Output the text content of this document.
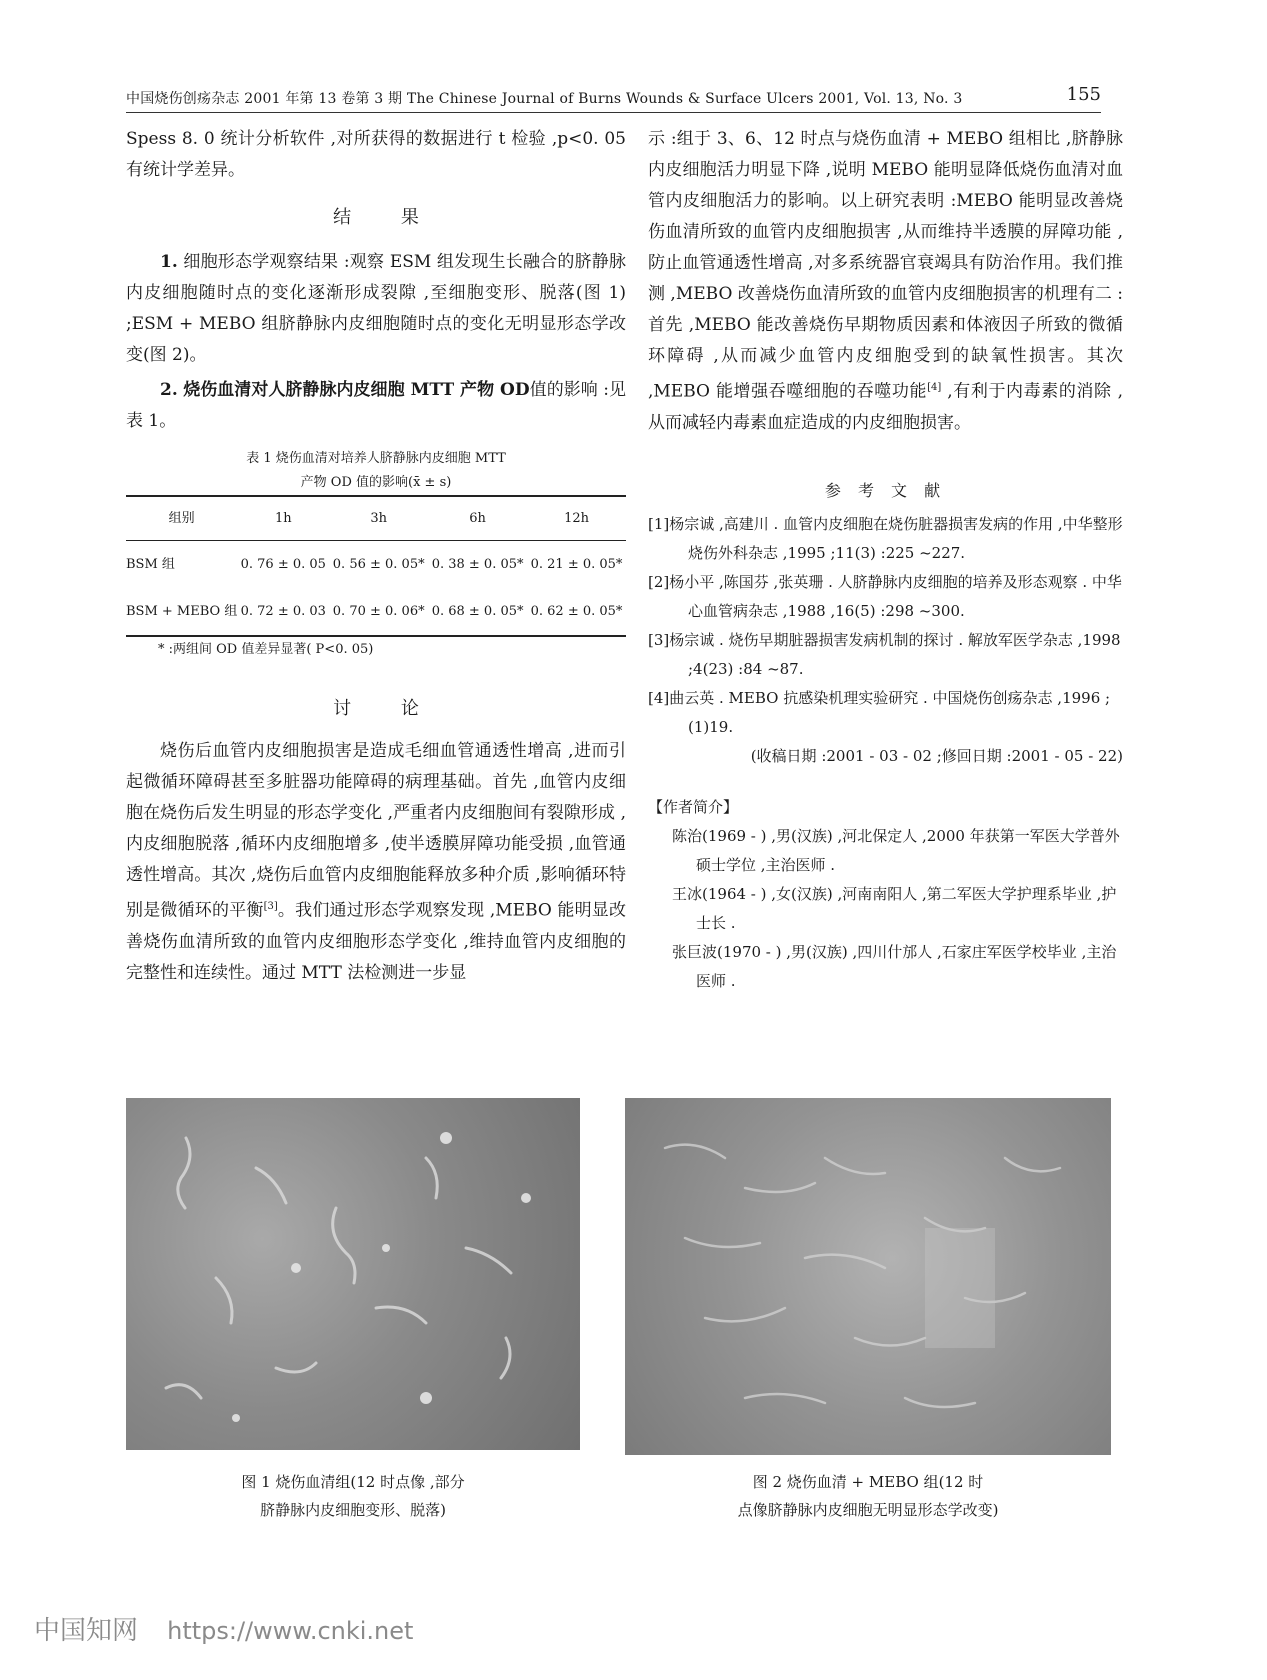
中国烧伤创疡杂志 2001 年第 13 卷第 3 期 The Chinese Journal of Burns Wounds & Surface Ulcers 2001, Vol. 13, No. 3	155

Spess 8. 0 统计分析软件 ,对所获得的数据进行 t 检验 ,p<0. 05 有统计学差异。

结 果

1. 细胞形态学观察结果 :观察 ESM 组发现生长融合的脐静脉内皮细胞随时点的变化逐渐形成裂隙 ,至细胞变形、脱落(图 1) ;ESM + MEBO 组脐静脉内皮细胞随时点的变化无明显形态学改变(图 2)。

2. 烧伤血清对人脐静脉内皮细胞 MTT 产物 OD值的影响 :见表 1。

表 1 烧伤血清对培养人脐静脉内皮细胞 MTT

产物 OD 值的影响(x̄ ± s)

组别	1h	3h	6h	12h
BSM 组	0. 76 ± 0. 05	0. 56 ± 0. 05*	0. 38 ± 0. 05*	0. 21 ± 0. 05*
BSM + MEBO 组	0. 72 ± 0. 03	0. 70 ± 0. 06*	0. 68 ± 0. 05*	0. 62 ± 0. 05*

* :两组间 OD 值差异显著( P<0. 05)

讨 论

烧伤后血管内皮细胞损害是造成毛细血管通透性增高 ,进而引起微循环障碍甚至多脏器功能障碍的病理基础。首先 ,血管内皮细胞在烧伤后发生明显的形态学变化 ,严重者内皮细胞间有裂隙形成 ,内皮细胞脱落 ,循环内皮细胞增多 ,使半透膜屏障功能受损 ,血管通透性增高。其次 ,烧伤后血管内皮细胞能释放多种介质 ,影响循环特别是微循环的平衡[3]。我们通过形态学观察发现 ,MEBO 能明显改善烧伤血清所致的血管内皮细胞形态学变化 ,维持血管内皮细胞的完整性和连续性。通过 MTT 法检测进一步显

示 :组于 3、6、12 时点与烧伤血清 + MEBO 组相比 ,脐静脉内皮细胞活力明显下降 ,说明 MEBO 能明显降低烧伤血清对血管内皮细胞活力的影响。以上研究表明 :MEBO 能明显改善烧伤血清所致的血管内皮细胞损害 ,从而维持半透膜的屏障功能 ,防止血管通透性增高 ,对多系统器官衰竭具有防治作用。我们推测 ,MEBO 改善烧伤血清所致的血管内皮细胞损害的机理有二 :首先 ,MEBO 能改善烧伤早期物质因素和体液因子所致的微循环障碍 ,从而减少血管内皮细胞受到的缺氧性损害。其次 ,MEBO 能增强吞噬细胞的吞噬功能[4] ,有利于内毒素的消除 ,从而减轻内毒素血症造成的内皮细胞损害。

参 考 文 献

[1]杨宗诚 ,高建川 . 血管内皮细胞在烧伤脏器损害发病的作用 ,中华整形烧伤外科杂志 ,1995 ;11(3) :225 ~227.

[2]杨小平 ,陈国芬 ,张英珊 . 人脐静脉内皮细胞的培养及形态观察 . 中华心血管病杂志 ,1988 ,16(5) :298 ~300.

[3]杨宗诚 . 烧伤早期脏器损害发病机制的探讨 . 解放军医学杂志 ,1998 ;4(23) :84 ~87.

[4]曲云英 . MEBO 抗感染机理实验研究 . 中国烧伤创疡杂志 ,1996 ;(1)19.

(收稿日期 :2001 - 03 - 02 ;修回日期 :2001 - 05 - 22)

【作者简介】

陈治(1969 - ) ,男(汉族) ,河北保定人 ,2000 年获第一军医大学普外硕士学位 ,主治医师 .

王冰(1964 - ) ,女(汉族) ,河南南阳人 ,第二军医大学护理系毕业 ,护士长 .

张巨波(1970 - ) ,男(汉族) ,四川什邡人 ,石家庄军医学校毕业 ,主治医师 .

图 1 烧伤血清组(12 时点像 ,部分

脐静脉内皮细胞变形、脱落)

图 2 烧伤血清 + MEBO 组(12 时

点像脐静脉内皮细胞无明显形态学改变)

中国知网 https://www.cnki.net
